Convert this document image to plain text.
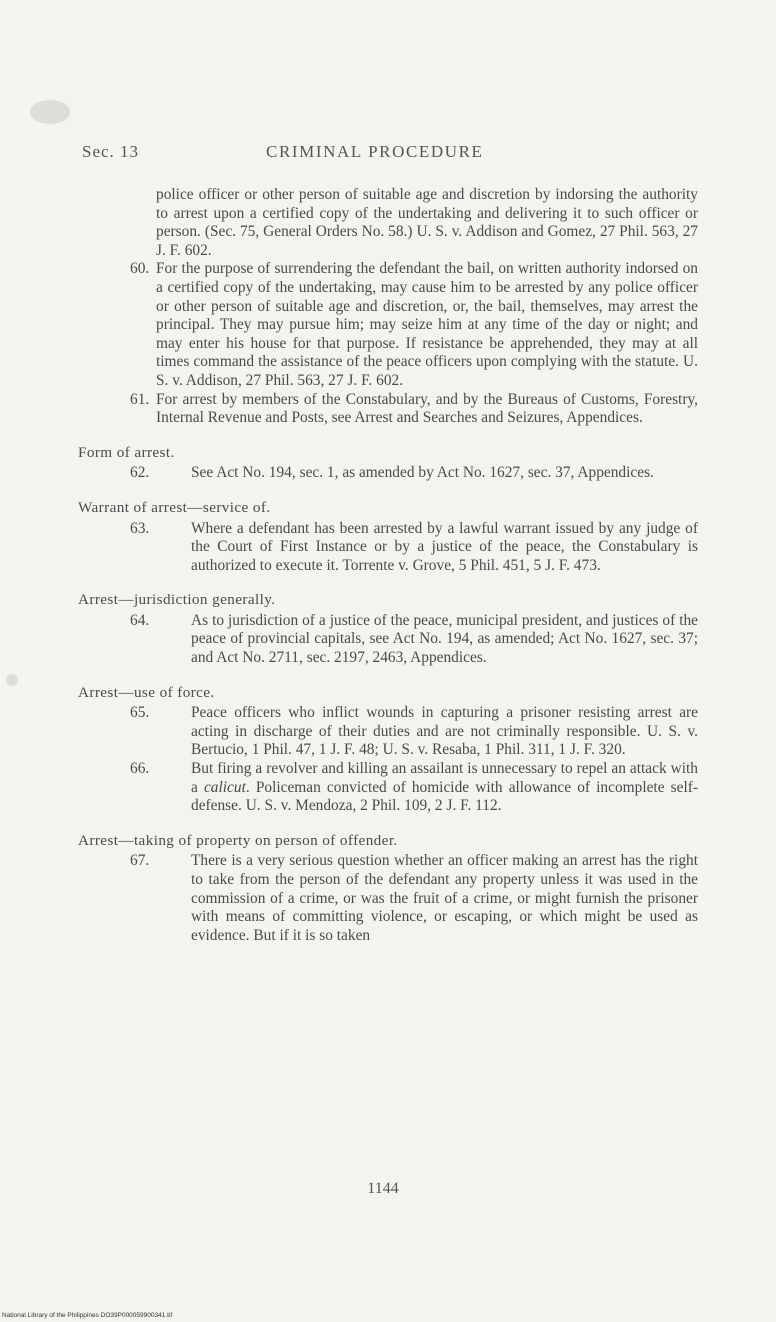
Sec. 13	CRIMINAL PROCEDURE

police officer or other person of suitable age and discretion by indorsing the authority to arrest upon a certified copy of the undertaking and delivering it to such officer or person. (Sec. 75, General Orders No. 58.) U. S. v. Addison and Gomez, 27 Phil. 563, 27 J. F. 602.

60. For the purpose of surrendering the defendant the bail, on written authority indorsed on a certified copy of the undertaking, may cause him to be arrested by any police officer or other person of suitable age and discretion, or, the bail, themselves, may arrest the principal. They may pursue him; may seize him at any time of the day or night; and may enter his house for that purpose. If resistance be apprehended, they may at all times command the assistance of the peace officers upon complying with the statute. U. S. v. Addison, 27 Phil. 563, 27 J. F. 602.
61. For arrest by members of the Constabulary, and by the Bureaus of Customs, Forestry, Internal Revenue and Posts, see Arrest and Searches and Seizures, Appendices.
Form of arrest.
62.	See Act No. 194, sec. 1, as amended by Act No. 1627, sec. 37, Appendices.
Warrant of arrest—service of.
63.	Where a defendant has been arrested by a lawful warrant issued by any judge of the Court of First Instance or by a justice of the peace, the Constabulary is authorized to execute it. Torrente v. Grove, 5 Phil. 451, 5 J. F. 473.
Arrest—jurisdiction generally.
64.	As to jurisdiction of a justice of the peace, municipal president, and justices of the peace of provincial capitals, see Act No. 194, as amended; Act No. 1627, sec. 37; and Act No. 2711, sec. 2197, 2463, Appendices.
Arrest—use of force.
65.	Peace officers who inflict wounds in capturing a prisoner resisting arrest are acting in discharge of their duties and are not criminally responsible. U. S. v. Bertucio, 1 Phil. 47, 1 J. F. 48; U. S. v. Resaba, 1 Phil. 311, 1 J. F. 320.
66.	But firing a revolver and killing an assailant is unnecessary to repel an attack with a calicut. Policeman convicted of homicide with allowance of incomplete self-defense. U. S. v. Mendoza, 2 Phil. 109, 2 J. F. 112.
Arrest—taking of property on person of offender.
67.	There is a very serious question whether an officer making an arrest has the right to take from the person of the defendant any property unless it was used in the commission of a crime, or was the fruit of a crime, or might furnish the prisoner with means of committing violence, or escaping, or which might be used as evidence. But if it is so taken
1144
National Library of the Philippines DO39P000059900341.tif
